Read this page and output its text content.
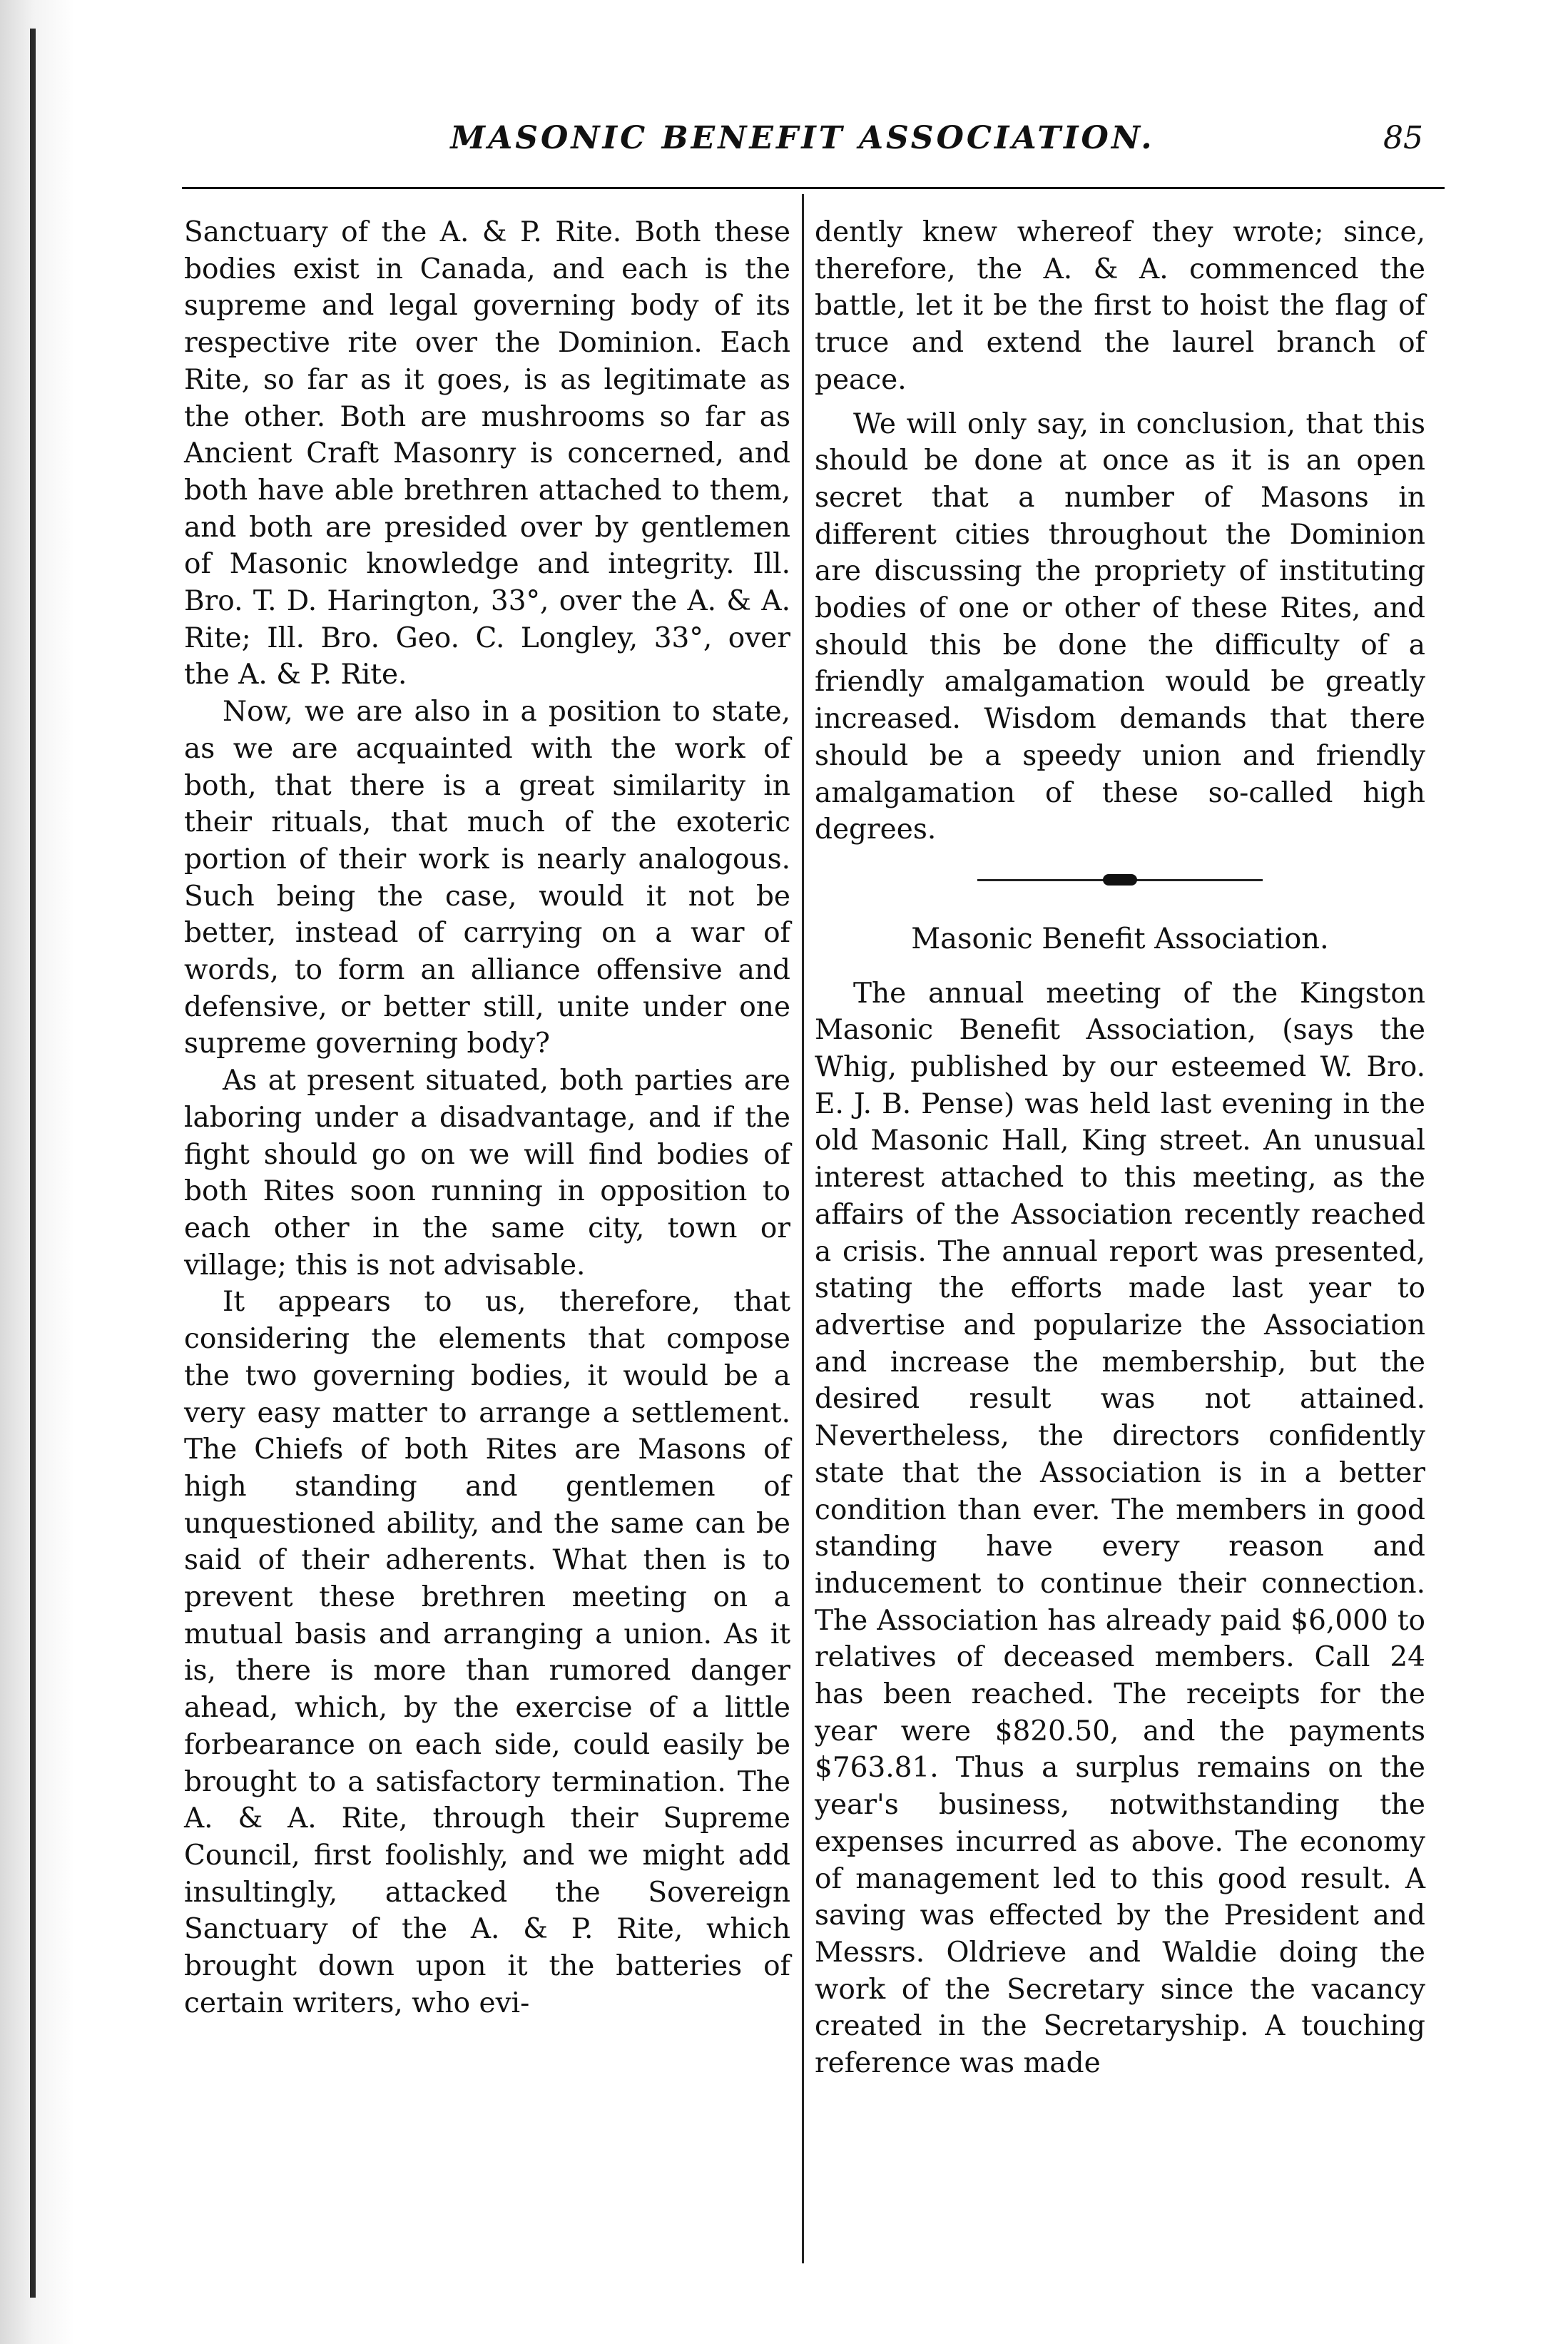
MASONIC BENEFIT ASSOCIATION.	85

Sanctuary of the A. & P. Rite. Both these bodies exist in Canada, and each is the supreme and legal governing body of its respective rite over the Dominion. Each Rite, so far as it goes, is as legitimate as the other. Both are mushrooms so far as Ancient Craft Masonry is concerned, and both have able brethren attached to them, and both are presided over by gentlemen of Masonic knowledge and integrity. Ill. Bro. T. D. Harington, 33°, over the A. & A. Rite; Ill. Bro. Geo. C. Longley, 33°, over the A. & P. Rite.

Now, we are also in a position to state, as we are acquainted with the work of both, that there is a great similarity in their rituals, that much of the exoteric portion of their work is nearly analogous. Such being the case, would it not be better, instead of carrying on a war of words, to form an alliance offensive and defensive, or better still, unite under one supreme governing body?

As at present situated, both parties are laboring under a disadvantage, and if the fight should go on we will find bodies of both Rites soon running in opposition to each other in the same city, town or village; this is not advisable.

It appears to us, therefore, that considering the elements that compose the two governing bodies, it would be a very easy matter to arrange a settlement. The Chiefs of both Rites are Masons of high standing and gentlemen of unquestioned ability, and the same can be said of their adherents. What then is to prevent these brethren meeting on a mutual basis and arranging a union. As it is, there is more than rumored danger ahead, which, by the exercise of a little forbearance on each side, could easily be brought to a satisfactory termination. The A. & A. Rite, through their Supreme Council, first foolishly, and we might add insultingly, attacked the Sovereign Sanctuary of the A. & P. Rite, which brought down upon it the batteries of certain writers, who evi-

dently knew whereof they wrote; since, therefore, the A. & A. commenced the battle, let it be the first to hoist the flag of truce and extend the laurel branch of peace.

We will only say, in conclusion, that this should be done at once as it is an open secret that a number of Masons in different cities throughout the Dominion are discussing the propriety of instituting bodies of one or other of these Rites, and should this be done the difficulty of a friendly amalgamation would be greatly increased. Wisdom demands that there should be a speedy union and friendly amalgamation of these so-called high degrees.

Masonic Benefit Association.

The annual meeting of the Kingston Masonic Benefit Association, (says the Whig, published by our esteemed W. Bro. E. J. B. Pense) was held last evening in the old Masonic Hall, King street. An unusual interest attached to this meeting, as the affairs of the Association recently reached a crisis. The annual report was presented, stating the efforts made last year to advertise and popularize the Association and increase the membership, but the desired result was not attained. Nevertheless, the directors confidently state that the Association is in a better condition than ever. The members in good standing have every reason and inducement to continue their connection. The Association has already paid $6,000 to relatives of deceased members. Call 24 has been reached. The receipts for the year were $820.50, and the payments $763.81. Thus a surplus remains on the year's business, notwithstanding the expenses incurred as above. The economy of management led to this good result. A saving was effected by the President and Messrs. Oldrieve and Waldie doing the work of the Secretary since the vacancy created in the Secretaryship. A touching reference was made
